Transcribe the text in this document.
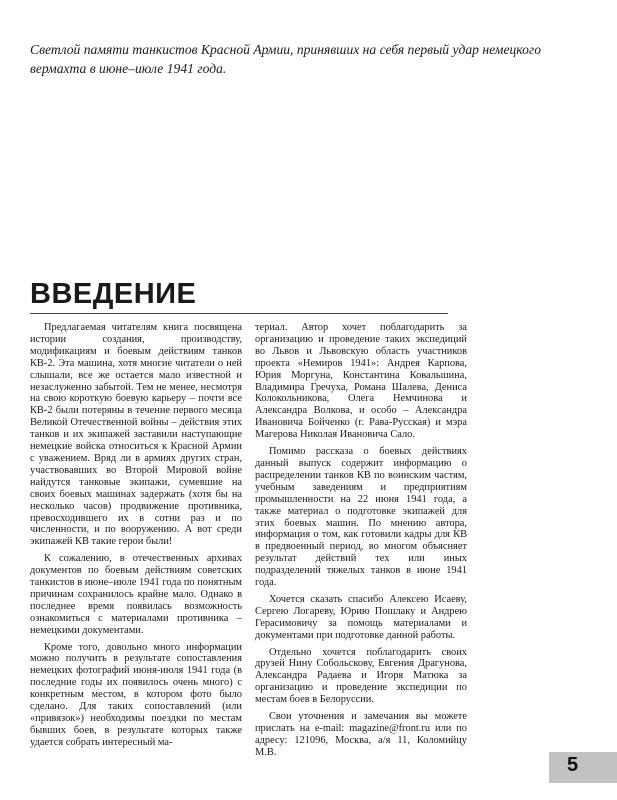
Светлой памяти танкистов Красной Армии, принявших на себя первый удар немецкого вермахта в июне–июле 1941 года.

ВВЕДЕНИЕ

Предлагаемая читателям книга посвящена истории создания, производству, модификациям и боевым действиям танков КВ-2. Эта машина, хотя многие читатели о ней слышали, все же остается мало известной и незаслуженно забытой. Тем не менее, несмотря на свою короткую боевую карьеру – почти все КВ-2 были потеряны в течение первого месяца Великой Отечественной войны – действия этих танков и их экипажей заставили наступающие немецкие войска относиться к Красной Армии с уважением. Вряд ли в армиях других стран, участвовавших во Второй Мировой войне найдутся танковые экипажи, сумевшие на своих боевых машинах задержать (хотя бы на несколько часов) продвижение противника, превосходившего их в сотни раз и по численности, и по вооружению. А вот среди экипажей КВ такие герои были!

К сожалению, в отечественных архивах документов по боевым действиям советских танкистов в июне–июле 1941 года по понятным причинам сохранилось крайне мало. Однако в последнее время появилась возможность ознакомиться с материалами противника – немецкими документами.

Кроме того, довольно много информации можно получить в результате сопоставления немецких фотографий июня-июля 1941 года (в последние годы их появилось очень много) с конкретным местом, в котором фото было сделано. Для таких сопоставлений (или «привязок») необходимы поездки по местам бывших боев, в результате которых также удается собрать интересный ма-

териал. Автор хочет поблагодарить за организацию и проведение таких экспедиций во Львов и Львовскую область участников проекта «Немиров 1941»: Андрея Карпова, Юрия Моргуна, Константина Ковальшина, Владимира Гречуха, Романа Шалева, Дениса Колокольникова, Олега Немчинова и Александра Волкова, и особо – Александра Ивановича Бойченко (г. Рава-Русская) и мэра Магерова Николая Ивановича Сало.

Помимо рассказа о боевых действиях данный выпуск содержит информацию о распределении танков КВ по воинским частям, учебным заведениям и предприятиям промышленности на 22 июня 1941 года, а также материал о подготовке экипажей для этих боевых машин. По мнению автора, информация о том, как готовили кадры для КВ в предвоенный период, во многом объясняет результат действий тех или иных подразделений тяжелых танков в июне 1941 года.

Хочется сказать спасибо Алексею Исаеву, Сергею Логареву, Юрию Пошлаку и Андрею Герасимовичу за помощь материалами и документами при подготовке данной работы.

Отдельно хочется поблагодарить своих друзей Нину Собольскову, Евгения Драгунова, Александра Радаева и Игоря Матюка за организацию и проведение экспедиции по местам боев в Белоруссии.

Свои уточнения и замечания вы можете прислать на e-mail: magazine@front.ru или по адресу: 121096, Москва, а/я 11, Коломийцу М.В.

5
